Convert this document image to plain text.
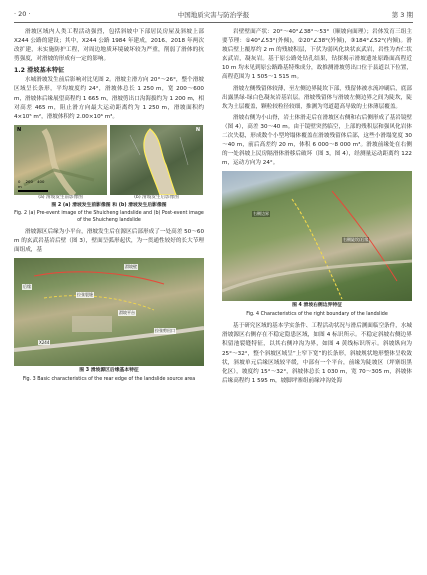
· 20 ·	中国地质灾害与防治学报	第 3 期

滑坡区域内人类工程活动强烈，包括斜坡中下部居民房屋及斜坡上部 X244 公路的建设；其中，X244 公路 1984 年建成，2016、2018 年两次改扩建，未实施防护工程，对周边地质环境破坏较为严重，削弱了滑体的抗剪强度，对滑坡的形成有一定的影响。

1.2 滑坡基本特征

水城滑坡发生前后影响对比见图 2。滑坡主滑方向 20°～26°，整个滑坡区域呈长条形，平均坡度约 24°，滑坡体总长 1 250 m，宽 200～600 m，滑坡体后缘展望高程约 1 665 m，滑坡剪出口沟海拔约为 1 200 m，相对高差 465 m，阻止滑方向最大运动距离约为 1 250 m，滑坡面积约 4×10⁵ m²，滑坡体积约 2.00×10⁶ m³。

N
0 200 400 m
(a) 滑坡发生前影像图
N
(b) 滑坡发生后影像图
图 2 (a) 滑坡发生前影像图 和 (b) 滑坡发生后影像图
Fig. 2 (a) Pre-event image of the Shuicheng landslide and (b) Post-event image of the Shuicheng landslide

滑坡源区后缘为小平台，滑坡发生后在源区后部形成了一处高差 50～60 m 的玄武岩基岩后壁（图 3），壁面呈弧形起伏，为一贯通性较好的长大节理面组成，基

滑坡壁
后缘
拉张裂缝
滑坡平台
拉张剪出口
X244
图 3 滑坡源区后缘基本特征
Fig. 3 Basic characteristics of the rear edge of the landslide source area

岩壁壁面产状：20°～40°∠38°～53°（顺坡向面理）；岩体发育三组主要节理：①40°∠53°(外倾)，②20°∠38°(外倾)，③184°∠52°(内倾)。滑坡后壁上覆厚约 2 m 的残坡积层，下伏为弱风化块状玄武岩，岩性为杏仁状玄武岩，凝灰岩。基于原公路处钻孔结果，钻探揭示滑坡遗址原路面高程近 10 m 均未见到原公路路基特殊成分，故推测滑坡剪出口位于县道以下位置，高程范围为 1 505～1 515 m。

滑坡左侧残留体较薄，至左侧边界陡坎下部，残留体被水流冲刷后，底部出露黑绿-绿白色凝灰岩基岩层。滑坡残留体与滑坡左侧边界之间为陡坎，陡坎为土层覆盖，颗粒较粒径较细，推测为弯道超高导致的土体薄层覆盖。

滑坡右侧为小山脊，岩土体滑走后在滑坡区右侧和右后侧形成了基岩镜壁（图 4），高差 30～40 m。由于镜壁突然临空，上部的残积层和强风化岩体二次失稳，形成数个小型垮塌体覆盖在滑坡残留体后部，这些小滑塌宽度 30～40 m，前后高差约 20 m，体积 6 000～8 000 m³。滑坡前缘处在右侧的一处斜坡上民房隔滑体滑移后破坏（图 3，图 4），经测量运动距离约 122 m，运动方向为 24°。

右侧边界
右侧陡坎/后缘
图 4 滑坡右侧边界特征
Fig. 4 Characteristics of the right boundary of the landslide

基于研究区域的基本学实条件、工程活动状况与滑后测面临空条件，水城滑坡源区右侧存在不稳定隐患区域，如图 4 标识所示。不稳定斜坡右侧边界积留池裂缝特征，以其右侧冲沟为界，如图 4 黄线标识所示。斜坡纵向为 25°～32°，整个斜坡区域呈“上窄下宽”的长条形，斜坡规状地形整体呈收敛状，斜坡单元后缘区域较平缓，中部有一个平台，前缘为陡坡区（坪寨组黑化区），坡度约 15°～32°，斜坡体总长 1 030 m，宽 70～305 m，斜坡体后缘高程约 1 595 m，坡脚坪寨组前缘冲沟处海
